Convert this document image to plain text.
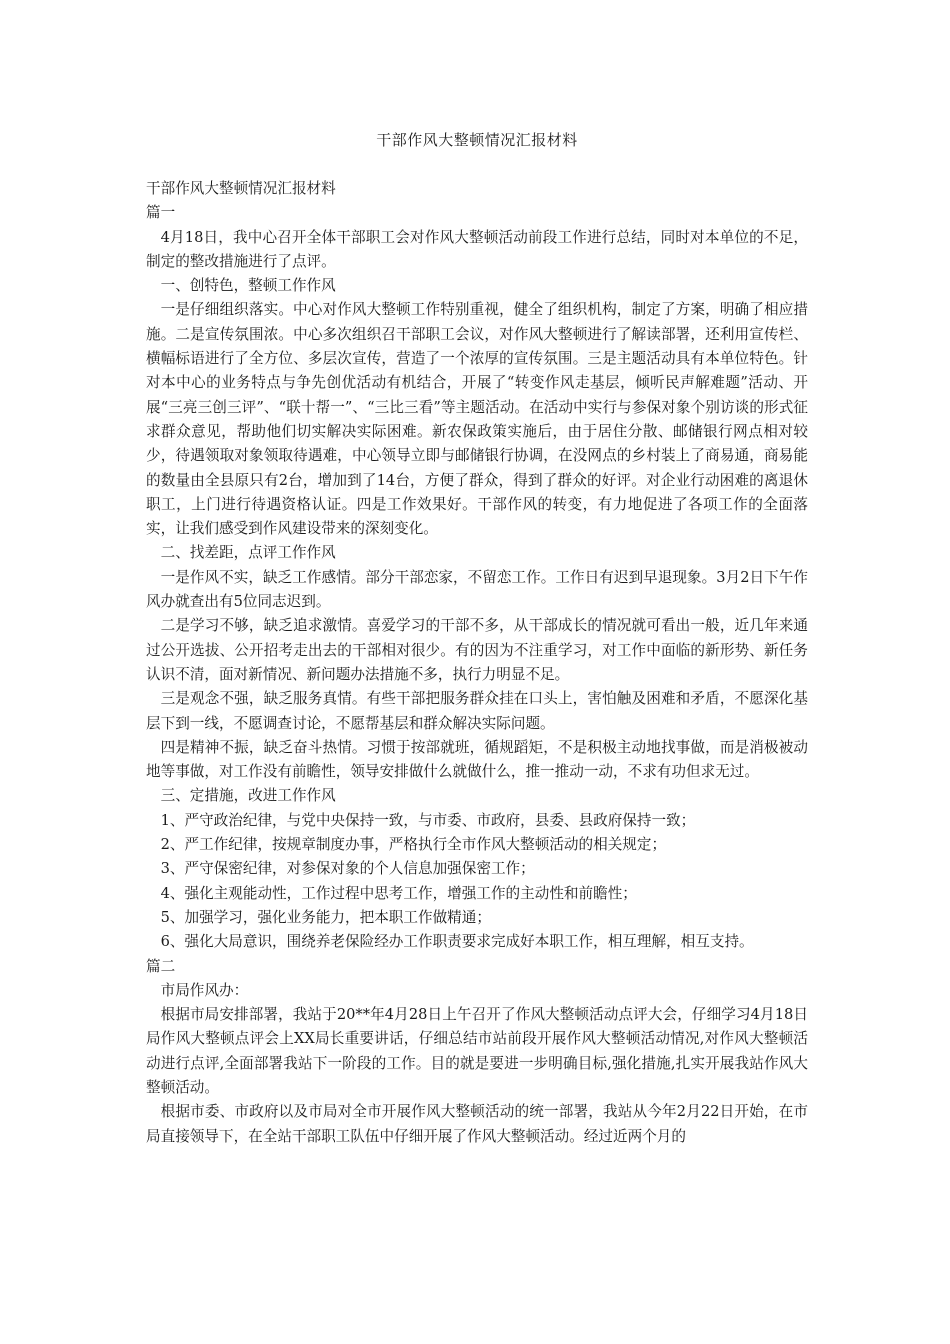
干部作风大整顿情况汇报材料

干部作风大整顿情况汇报材料

篇一

4月18日，我中心召开全体干部职工会对作风大整顿活动前段工作进行总结，同时对本单位的不足，制定的整改措施进行了点评。

一、创特色，整顿工作作风

一是仔细组织落实。中心对作风大整顿工作特别重视，健全了组织机构，制定了方案，明确了相应措施。二是宣传氛围浓。中心多次组织召干部职工会议，对作风大整顿进行了解读部署，还利用宣传栏、横幅标语进行了全方位、多层次宣传，营造了一个浓厚的宣传氛围。三是主题活动具有本单位特色。针对本中心的业务特点与争先创优活动有机结合，开展了“转变作风走基层，倾听民声解难题”活动、开展“三亮三创三评”、“联十帮一”、“三比三看”等主题活动。在活动中实行与参保对象个别访谈的形式征求群众意见，帮助他们切实解决实际困难。新农保政策实施后，由于居住分散、邮储银行网点相对较少，待遇领取对象领取待遇难，中心领导立即与邮储银行协调，在没网点的乡村装上了商易通，商易能的数量由全县原只有2台，增加到了14台，方便了群众，得到了群众的好评。对企业行动困难的离退休职工，上门进行待遇资格认证。四是工作效果好。干部作风的转变，有力地促进了各项工作的全面落实，让我们感受到作风建设带来的深刻变化。

二、找差距，点评工作作风

一是作风不实，缺乏工作感情。部分干部恋家，不留恋工作。工作日有迟到早退现象。3月2日下午作风办就查出有5位同志迟到。

二是学习不够，缺乏追求激情。喜爱学习的干部不多，从干部成长的情况就可看出一般，近几年来通过公开选拔、公开招考走出去的干部相对很少。有的因为不注重学习，对工作中面临的新形势、新任务认识不清，面对新情况、新问题办法措施不多，执行力明显不足。

三是观念不强，缺乏服务真情。有些干部把服务群众挂在口头上，害怕触及困难和矛盾，不愿深化基层下到一线，不愿调查讨论，不愿帮基层和群众解决实际问题。

四是精神不振，缺乏奋斗热情。习惯于按部就班，循规蹈矩，不是积极主动地找事做，而是消极被动地等事做，对工作没有前瞻性，领导安排做什么就做什么，推一推动一动，不求有功但求无过。

三、定措施，改进工作作风

1、严守政治纪律，与党中央保持一致，与市委、市政府，县委、县政府保持一致；

2、严工作纪律，按规章制度办事，严格执行全市作风大整顿活动的相关规定；

3、严守保密纪律，对参保对象的个人信息加强保密工作；

4、强化主观能动性，工作过程中思考工作，增强工作的主动性和前瞻性；

5、加强学习，强化业务能力，把本职工作做精通；

6、强化大局意识，围绕养老保险经办工作职责要求完成好本职工作，相互理解，相互支持。

篇二

市局作风办：

根据市局安排部署，我站于20**年4月28日上午召开了作风大整顿活动点评大会，仔细学习4月18日局作风大整顿点评会上XX局长重要讲话，仔细总结市站前段开展作风大整顿活动情况,对作风大整顿活动进行点评,全面部署我站下一阶段的工作。目的就是要进一步明确目标,强化措施,扎实开展我站作风大整顿活动。

根据市委、市政府以及市局对全市开展作风大整顿活动的统一部署，我站从今年2月22日开始，在市局直接领导下，在全站干部职工队伍中仔细开展了作风大整顿活动。经过近两个月的
